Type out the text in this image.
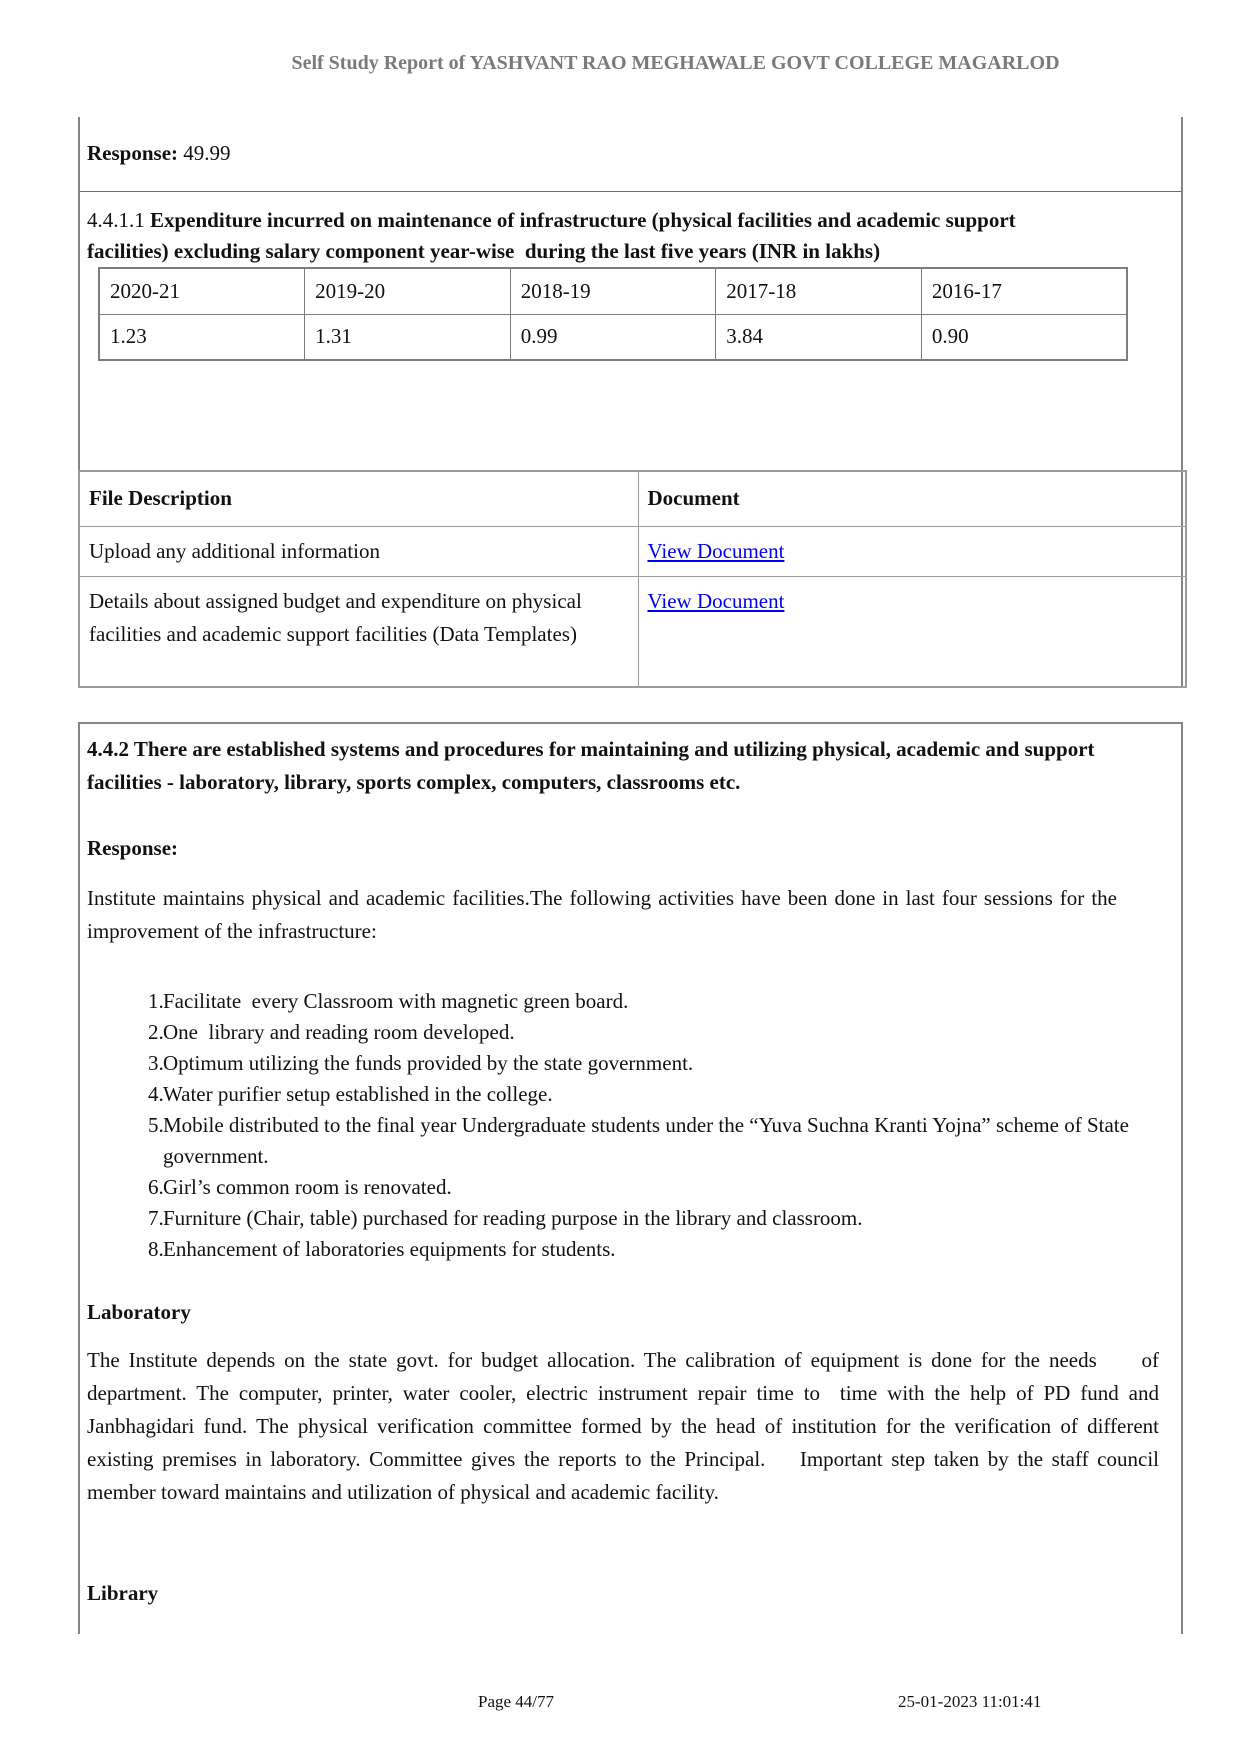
Self Study Report of YASHVANT RAO MEGHAWALE GOVT COLLEGE MAGARLOD

Response: 49.99

4.4.1.1 Expenditure incurred on maintenance of infrastructure (physical facilities and academic support facilities) excluding salary component year-wise  during the last five years (INR in lakhs)

2020-21	2019-20	2018-19	2017-18	2016-17
1.23	1.31	0.99	3.84	0.90
File Description	Document
Upload any additional information	View Document
Details about assigned budget and expenditure on physical facilities and academic support facilities (Data Templates)	View Document

4.4.2 There are established systems and procedures for maintaining and utilizing physical, academic and support facilities - laboratory, library, sports complex, computers, classrooms etc.

Response:

Institute maintains physical and academic facilities.The following activities have been done in last four sessions for the improvement of the infrastructure:

Facilitate  every Classroom with magnetic green board.
One  library and reading room developed.
Optimum utilizing the funds provided by the state government.
Water purifier setup established in the college.
Mobile distributed to the final year Undergraduate students under the “Yuva Suchna Kranti Yojna” scheme of State government.
Girl’s common room is renovated.
Furniture (Chair, table) purchased for reading purpose in the library and classroom.
Enhancement of laboratories equipments for students.

Laboratory

The Institute depends on the state govt. for budget allocation. The calibration of equipment is done for the needs     of department. The computer, printer, water cooler, electric instrument repair time to  time with the help of PD fund and Janbhagidari fund. The physical verification committee formed by the head of institution for the verification of different existing premises in laboratory. Committee gives the reports to the Principal.    Important step taken by the staff council member toward maintains and utilization of physical and academic facility.

Library

Page 44/77	25-01-2023 11:01:41
